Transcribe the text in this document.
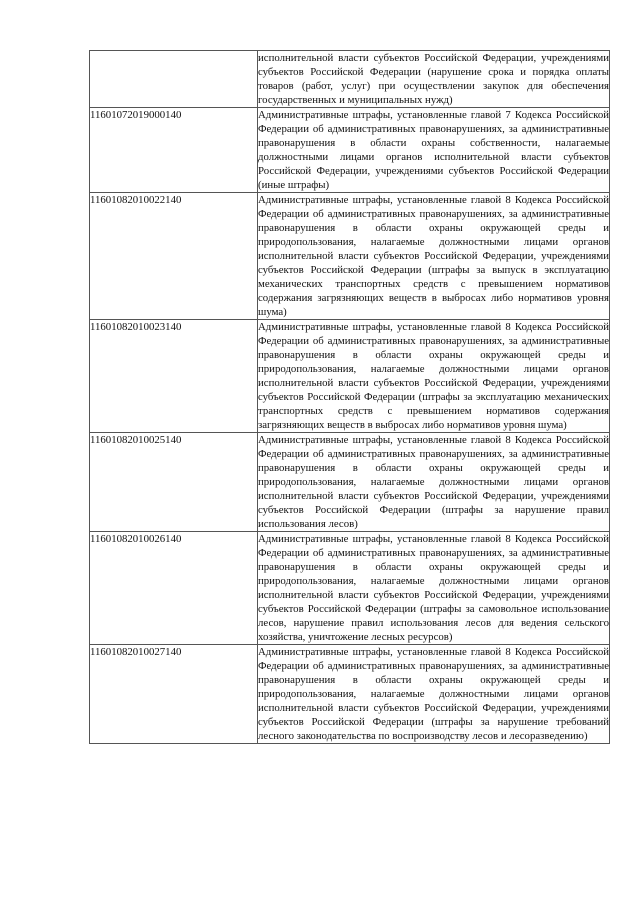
	исполнительной власти субъектов Российской Федерации, учреждениями субъектов Российской Федерации (нарушение срока и порядка оплаты товаров (работ, услуг) при осуществлении закупок для обеспечения государственных и муниципальных нужд)

11601072019000140	Административные штрафы, установленные главой 7 Кодекса Российской Федерации об административных правонарушениях, за административные правонарушения в области охраны собственности, налагаемые должностными лицами органов исполнительной власти субъектов Российской Федерации, учреждениями субъектов Российской Федерации (иные штрафы)

11601082010022140	Административные штрафы, установленные главой 8 Кодекса Российской Федерации об административных правонарушениях, за административные правонарушения в области охраны окружающей среды и природопользования, налагаемые должностными лицами органов исполнительной власти субъектов Российской Федерации, учреждениями субъектов Российской Федерации (штрафы за выпуск в эксплуатацию механических транспортных средств с превышением нормативов содержания загрязняющих веществ в выбросах либо нормативов уровня шума)

11601082010023140	Административные штрафы, установленные главой 8 Кодекса Российской Федерации об административных правонарушениях, за административные правонарушения в области охраны окружающей среды и природопользования, налагаемые должностными лицами органов исполнительной власти субъектов Российской Федерации, учреждениями субъектов Российской Федерации (штрафы за эксплуатацию механических транспортных средств с превышением нормативов содержания загрязняющих веществ в выбросах либо нормативов уровня шума)

11601082010025140	Административные штрафы, установленные главой 8 Кодекса Российской Федерации об административных правонарушениях, за административные правонарушения в области охраны окружающей среды и природопользования, налагаемые должностными лицами органов исполнительной власти субъектов Российской Федерации, учреждениями субъектов Российской Федерации (штрафы за нарушение правил использования лесов)

11601082010026140	Административные штрафы, установленные главой 8 Кодекса Российской Федерации об административных правонарушениях, за административные правонарушения в области охраны окружающей среды и природопользования, налагаемые должностными лицами органов исполнительной власти субъектов Российской Федерации, учреждениями субъектов Российской Федерации (штрафы за самовольное использование лесов, нарушение правил использования лесов для ведения сельского хозяйства, уничтожение лесных ресурсов)

11601082010027140	Административные штрафы, установленные главой 8 Кодекса Российской Федерации об административных правонарушениях, за административные правонарушения в области охраны окружающей среды и природопользования, налагаемые должностными лицами органов исполнительной власти субъектов Российской Федерации, учреждениями субъектов Российской Федерации (штрафы за нарушение требований лесного законодательства по воспроизводству лесов и лесоразведению)
